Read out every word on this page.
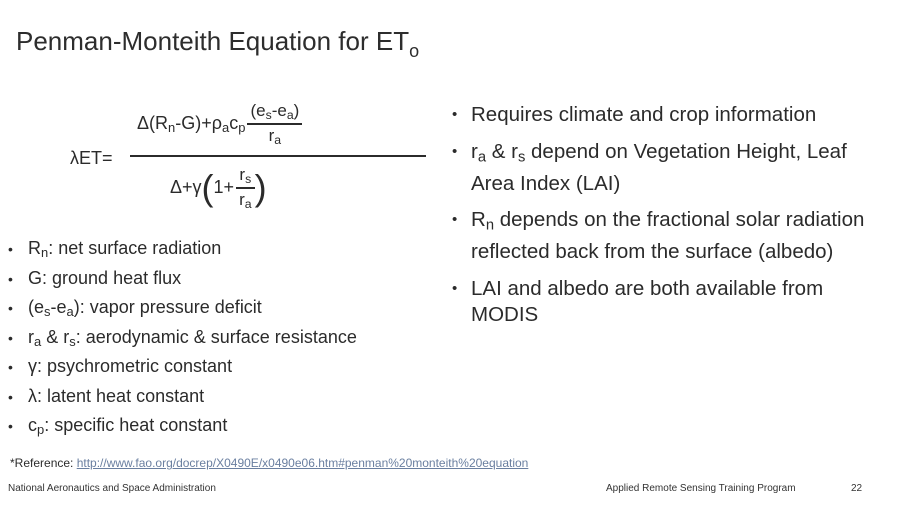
Penman-Monteith Equation for $ET_o$
λET=
$\Delta(R_n-G)+\rho_ac_p \frac{(e_s-e_a)}{r_a}$
$\Delta+\gamma(1+ \frac{r_s}{r_a}$ )
• $R_n$: net surface radiation
• G: ground heat flux
• $(e_s-e_a)$: vapor pressure deficit
• $r_a$ & $r_s$: aerodynamic & surface resistance
• γ: psychrometric constant
• λ: latent heat constant
• $c_p$: specific heat constant
• Requires climate and crop information
• $r_a$ & $r_s$ depend on Vegetation Height, Leaf Area Index (LAI)
• $R_n$ depends on the fractional solar radiation reflected back from the surface (albedo)
• LAI and albedo are both available from MODIS
*Reference: http://www.fao.org/docrep/X0490E/x0490e06.htm#penman%20monteith%20equation
National Aeronautics and Space Administration	Applied Remote Sensing Training Program	22
